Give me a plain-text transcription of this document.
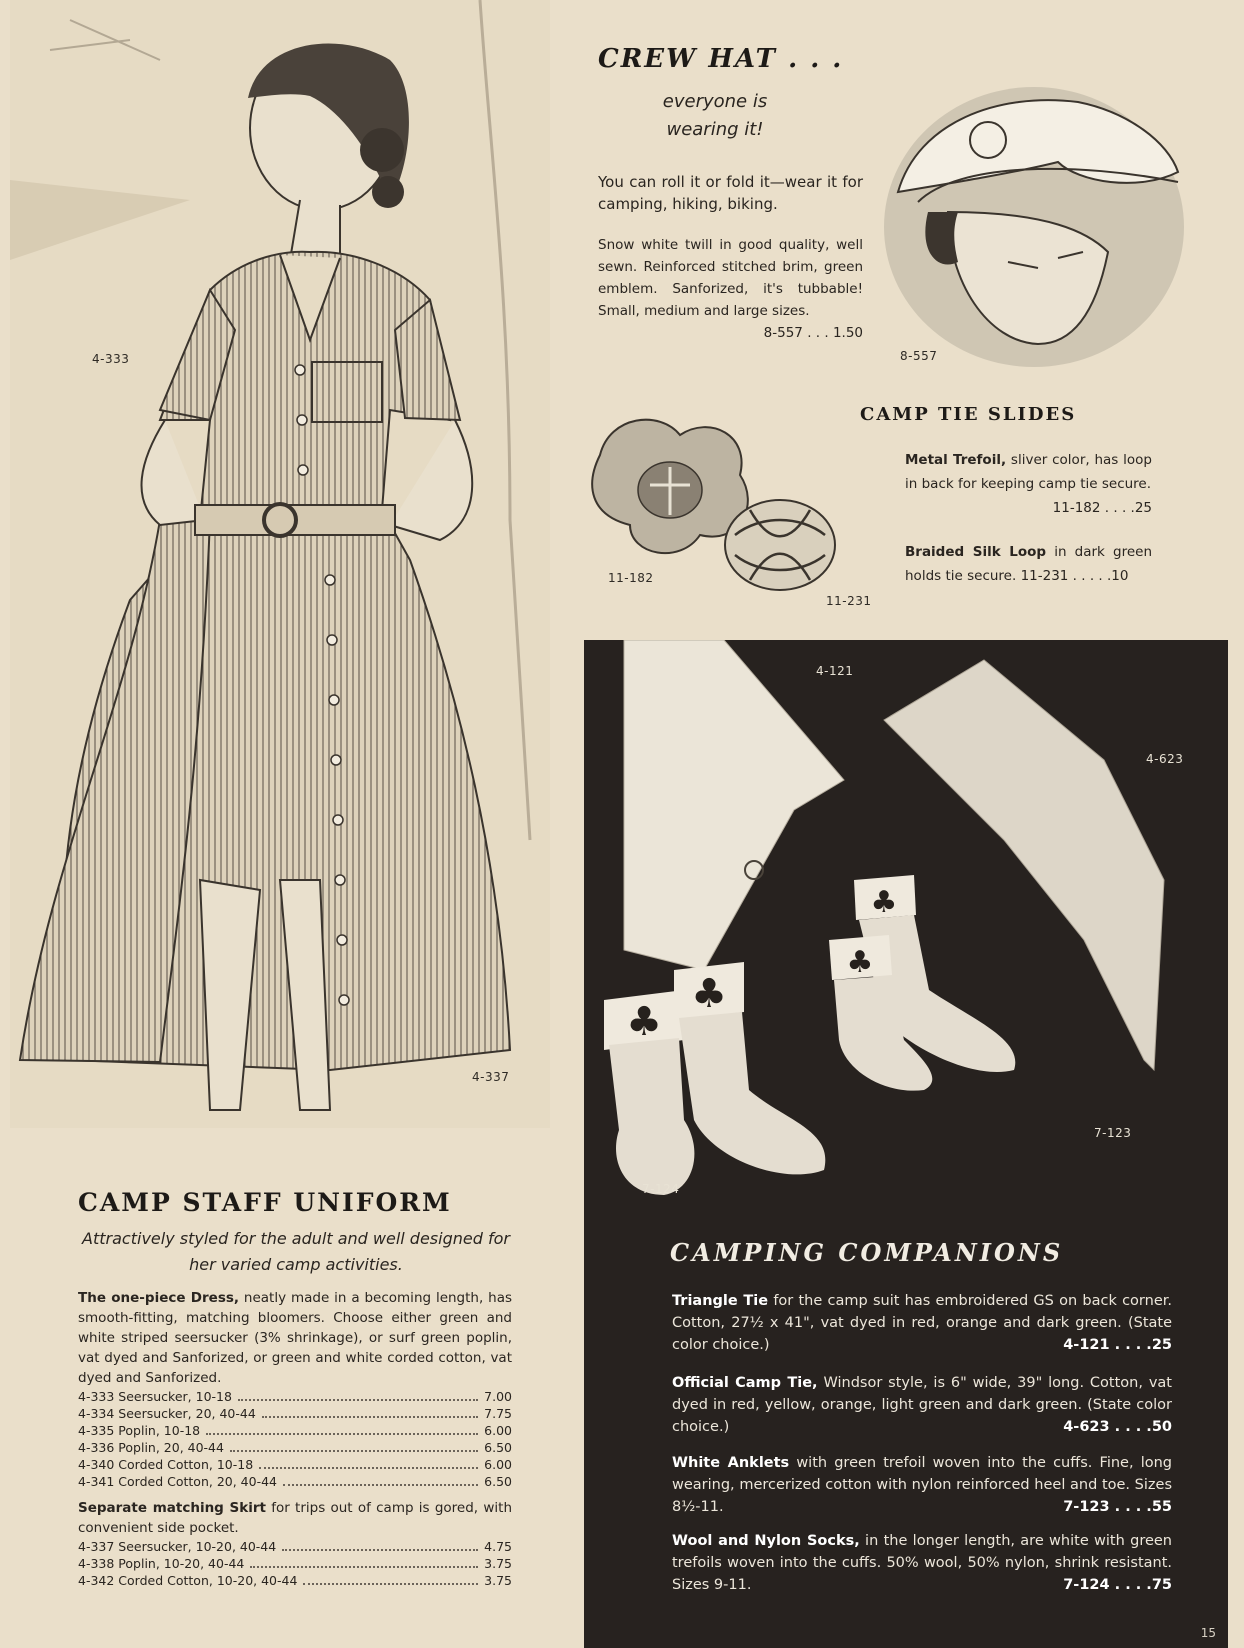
4-333
4-337
CREW HAT . . .
everyone is
wearing it!
You can roll it or fold it—wear it for camping, hiking, biking.
Snow white twill in good quality, well sewn. Reinforced stitched brim, green emblem. Sanforized, it's tubbable! Small, medium and large sizes.
8-557 . . . 1.50
8-557
CAMP TIE SLIDES
Metal Trefoil, sliver color, has loop in back for keeping camp tie secure.
11-182 . . . .25
Braided Silk Loop in dark green holds tie secure. 11-231 . . . . .10
11-182
11-231
♣
♣
♣
♣
4-121
4-623
7-123
7-124
CAMPING COMPANIONS
Triangle Tie for the camp suit has embroidered GS on back corner. Cotton, 27½ x 41", vat dyed in red, orange and dark green. (State color choice.)	4-121 . . . .25
Official Camp Tie, Windsor style, is 6" wide, 39" long. Cotton, vat dyed in red, yellow, orange, light green and dark green. (State color choice.)	4-623 . . . .50
White Anklets with green trefoil woven into the cuffs. Fine, long wearing, mercerized cotton with nylon reinforced heel and toe. Sizes 8½-11.	7-123 . . . .55
Wool and Nylon Socks, in the longer length, are white with green trefoils woven into the cuffs. 50% wool, 50% nylon, shrink resistant. Sizes 9-11.	7-124 . . . .75
15
CAMP STAFF UNIFORM
Attractively styled for the adult and well designed for her varied camp activities.
The one-piece Dress, neatly made in a becoming length, has smooth-fitting, matching bloomers. Choose either green and white striped seersucker (3% shrinkage), or surf green poplin, vat dyed and Sanforized, or green and white corded cotton, vat dyed and Sanforized.
4-333 Seersucker, 10-18	7.00
4-334 Seersucker, 20, 40-44	7.75
4-335 Poplin, 10-18	6.00
4-336 Poplin, 20, 40-44	6.50
4-340 Corded Cotton, 10-18	6.00
4-341 Corded Cotton, 20, 40-44	6.50
Separate matching Skirt for trips out of camp is gored, with convenient side pocket.
4-337 Seersucker, 10-20, 40-44	4.75
4-338 Poplin, 10-20, 40-44	3.75
4-342 Corded Cotton, 10-20, 40-44	3.75
